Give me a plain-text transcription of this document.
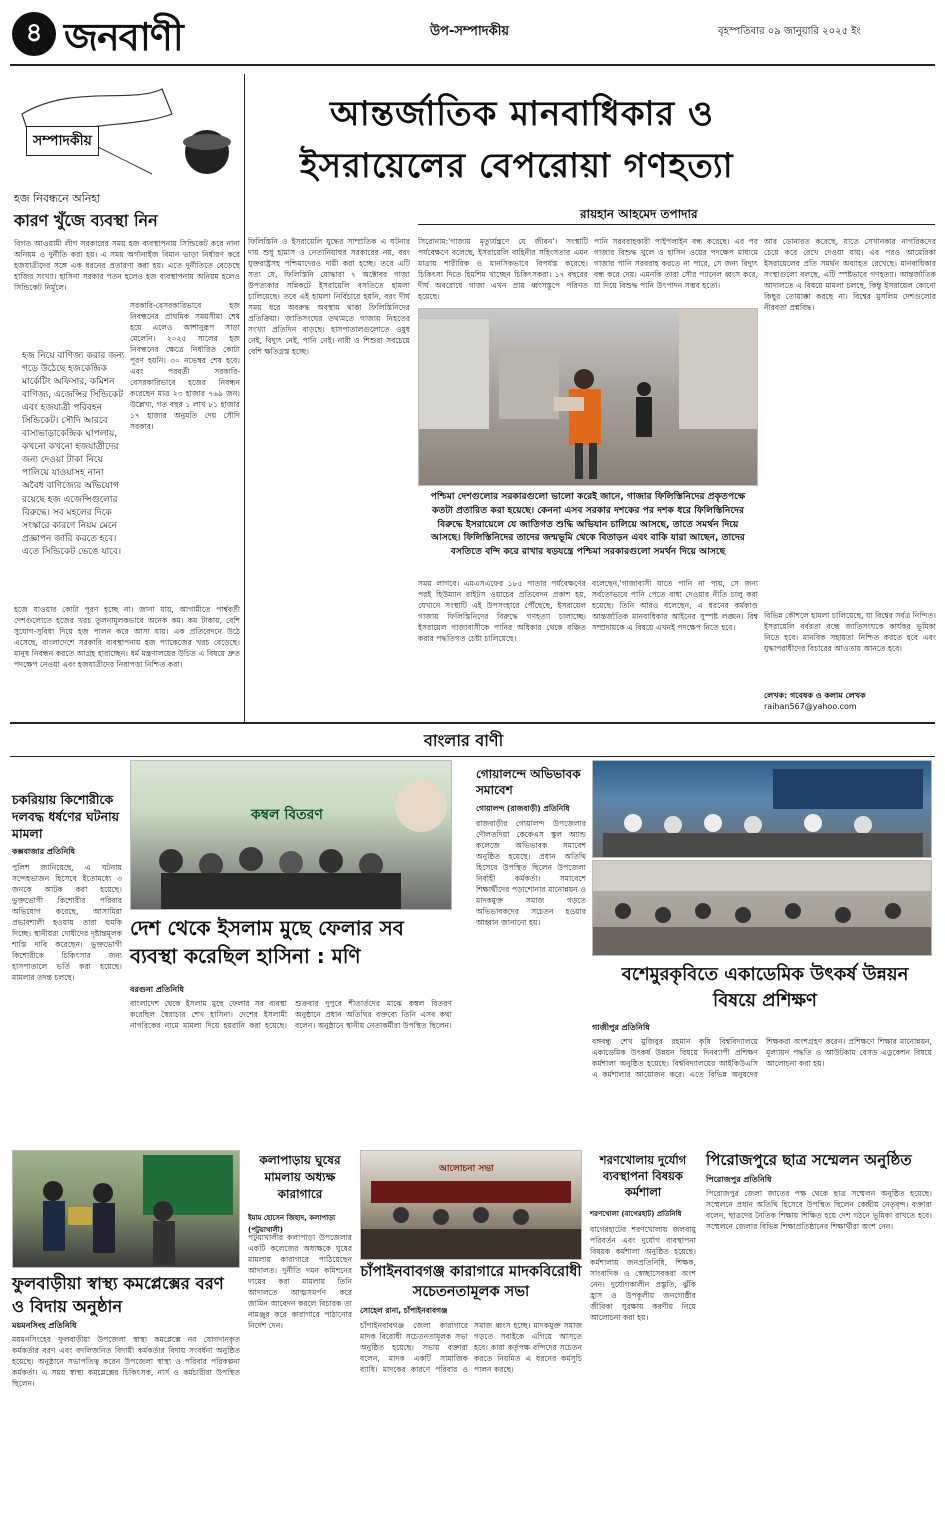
৪ জনবাণী	উপ-সম্পাদকীয়	বৃহস্পতিবার ০৯ জানুয়ারি ২০২৫ ইং
সম্পাদকীয়
হজ নিবন্ধনে অনিহা
কারণ খুঁজে ব্যবস্থা নিন
বিগত আওয়ামী লীগ সরকারের সময় হজ ব্যবস্থাপনায় সিন্ডিকেট করে নানা অনিয়ম ও দুর্নীতি করা হয়। এ সময় অর্গানাইজ বিমান ভাড়া নির্ধারণ করে হজযাত্রীদের সঙ্গে এক ধরনের প্রতারণা করা হয়। এতে দুর্নীতিতে বেড়েছে হাজির সংখ্যা। হাসিনা সরকার পতন হলেও হজ ব্যবস্থাপনায় অনিয়ম হলেও সিন্ডিকেট নির্মূলে।
সরকারি-বেসরকারিভাবে হজ নিবন্ধনের প্রাথমিক সময়সীমা শেষ হয়ে এলেও আশানুরূপ সাড়া মেলেনি। ২০২৫ সালের হজ নিবন্ধনের ক্ষেত্রে নির্ধারিত কোটা পূরণ হয়নি। ৩০ নভেম্বর শেষ হবে। এবং পরবর্তী সরকারি-বেসরকারিভাবে হজের নিবন্ধন করেছেন মাত্র ২৩ হাজার ৭৬৯ জন। উল্লেখ্য, গত বছর ১ লাখ ৮১ হাজার ১৭ হাজার অনুমতি দেয় সৌদি সরকার।
হজ নিয়ে বাণিজ্য করার জন্য গড়ে উঠেছে হজকেন্দ্রিক মার্কেটিং অফিসার, কমিশন বাণিজ্য, এজেন্সির সিন্ডিকেট এবং হজযাত্রী পরিবহন সিন্ডিকেট। সৌদি আরবে বাসাভাড়াকেন্দ্রিক ঘাপলায়, কখনো কখনো হজযাত্রীদের জন্য দেওয়া টাকা নিয়ে পালিয়ে যাওয়াসহ নানা অবৈধ বাণিজ্যের অভিযোগ রয়েছে হজ এজেন্সিগুলোর বিরুদ্ধে। সব মহলের দিকে সংস্কারে কারণে নিয়ম মেনে প্রজ্ঞাপন জারি করতে হবে। এতে সিন্ডিকেট ভেঙে যাবে।
হজে যাওয়ার কোটা পূরণ হচ্ছে না। জানা যায়, আগামীতে পার্শ্ববর্তী দেশগুলোতে হজের খরচ তুলনামূলকভাবে অনেক কম। কম টাকায়, বেশি সুযোগ-সুবিধা দিয়ে হজ পালন করে আসা যায়। এক প্রতিবেদনে উঠে এসেছে, বাংলাদেশে সরকারি ব্যবস্থাপনায় হজ প্যাকেজের খরচ বেড়েছে। মানুষ নিবন্ধন করতে আগ্রহ হারাচ্ছেন। ধর্ম মন্ত্রণালয়ের উচিত এ বিষয়ে দ্রুত পদক্ষেপ নেওয়া এবং হজযাত্রীদের নিরাপত্তা নিশ্চিত করা।
আন্তর্জাতিক মানবাধিকার ও
ইসরায়েলের বেপরোয়া গণহত্যা
রায়হান আহমেদ তপাদার
ফিলিস্তিনি ও ইসরায়েলি যুদ্ধের সাম্প্রতিক এ ঘটনার দায় শুধু হামাস ও নেতানিয়াহুর সরকারের নয়, বরং যুক্তরাষ্ট্রসহ পশ্চিমাদেরও দায়ী করা হচ্ছে। তবে এটি সত্য যে, ফিলিস্তিনি যোদ্ধারা ৭ অক্টোবর গাজা উপত্যকার সন্নিকটে ইসরায়েলি বসতিতে হামলা চালিয়েছে। তবে এই হামলা নির্বিচারে হয়নি, বরং দীর্ঘ সময় ধরে অবরুদ্ধ অবস্থায় থাকা ফিলিস্তিনিদের প্রতিক্রিয়া। জাতিসংঘের তথ্যমতে গাজায় নিহতের সংখ্যা প্রতিদিন বাড়ছে। হাসপাতালগুলোতে ওষুধ নেই, বিদ্যুৎ নেই, পানি নেই। নারী ও শিশুরা সবচেয়ে বেশি ক্ষতিগ্রস্ত হচ্ছে।
সিরোনাম:'গাজায় মৃত্যুর্যন্ত্রণে যে জীবন'। সংস্থাটি পর্যবেক্ষণে বলেছে, ইসরায়েলি বাহিনীর সহিংসতার এমন মাত্রায় শারীরিক ও মানসিকভাবে বিপর্যস্ত করেছে। চিকিৎসা দিতে হিমশিম খাচ্ছেন চিকিৎসকরা। ১৭ বছরের দীর্ঘ অবরোধে গাজা এখন প্রায় ধ্বংসস্তূপে পরিণত হয়েছে।
পানি সরবরাহকারী পাইপলাইন বন্ধ করেছে। এর পর গাজার বিশুদ্ধ খুলে ও হাসিন ওয়ের পদক্ষেপ মাধ্যমে গাজার পানি সরবরাহ করতে না পারে, সে জন্য বিদ্যুৎ বন্ধ করে দেয়। এমনকি তারা সৌর প্যানেল ধ্বংস করে, যা দিয়ে বিশুদ্ধ পানি উৎপাদন সম্ভব হতো।
আর ডোনারত করেছে, যাতে সেখানকার নাগরিকদের চেয়ে করে রেখে দেওয়া যায়। এর পরও আমেরিকা ইসরায়েলের প্রতি সমর্থন অব্যাহত রেখেছে। মানবাধিকার সংস্থাগুলো বলছে, এটি স্পষ্টভাবে গণহত্যা। আন্তর্জাতিক আদালতে এ বিষয়ে মামলা চলছে, কিন্তু ইসরায়েল কোনো কিছুর তোয়াক্কা করছে না। বিশ্বের মুসলিম দেশগুলোর নীরবতা প্রশ্নবিদ্ধ।
পশ্চিমা দেশগুলোর সরকারগুলো ভালো করেই জানে, গাজার ফিলিস্তিনিদের প্রকৃতপক্ষে কতটা প্রতারিত করা হয়েছে। কেননা এসব সরকার দশকের পর দশক ধরে ফিলিস্তিনিদের বিরুদ্ধে ইসরায়েলে যে জাতিগত শুদ্ধি অভিযান চালিয়ে আসছে, তাতে সমর্থন দিয়ে আসছে। ফিলিস্তিনিদের তাদের জন্মভূমি থেকে বিতাড়ন এবং বাকি যারা আছেন, তাদের বসতিতে বন্দি করে রাখার ষড়যন্ত্রে পশ্চিমা সরকারগুলো সমর্থন দিয়ে আসছে
সময় লাগবে। এমএসএফের ১৮৫ পাতার পর্যবেক্ষণের পরই হিউম্যান রাইটস ওয়াচের প্রতিবেদন প্রকাশ হয়, যেখানে সংস্থাটি এই উপসংহারে পৌঁছেছে, ইসরায়েল গাজায় ফিলিস্তিনিদের বিরুদ্ধে গণহত্যা চালাচ্ছে। ইসরায়েল গাজাবাসীকে পানির অধিকার থেকে বঞ্চিত করার পদ্ধতিগত চেষ্টা চালিয়েছে।
বলেছেন,'গাজাবাসী যাতে পানি না পায়, সে জন্য সর্বতোভাবে পানি পেতে বাধা দেওয়ার নীতি চালু করা হয়েছে। তিনি আরও বলেছেন, এ ধরনের কর্মকাণ্ড আন্তর্জাতিক মানবাধিকার আইনের সুস্পষ্ট লঙ্ঘন। বিশ্ব সম্প্রদায়কে এ বিষয়ে এখনই পদক্ষেপ নিতে হবে।
বিভিন্ন কৌশলে হামলা চালিয়েছে, যা বিশ্বের সর্বত্র নিন্দিত। ইসরায়েলি বর্বরতা বন্ধে জাতিসংঘকে কার্যকর ভূমিকা নিতে হবে। মানবিক সহায়তা নিশ্চিত করতে হবে এবং যুদ্ধাপরাধীদের বিচারের আওতায় আনতে হবে।
লেখক: গবেষক ও কলাম লেখক
raihan567@yahoo.com
বাংলার বাণী
চকরিয়ায় কিশোরীকে দলবদ্ধ ধর্ষণের ঘটনায় মামলা
কক্সবাজার প্রতিনিধি
পুলিশ জানিয়েছে, এ ঘটনায় সন্দেহভাজন হিসেবে ইতোমধ্যে ৩ জনকে আটক করা হয়েছে। ভুক্তভোগী কিশোরীর পরিবার অভিযোগ করেছে, আসামিরা প্রভাবশালী হওয়ায় তারা হুমকি দিচ্ছে। স্থানীয়রা দোষীদের দৃষ্টান্তমূলক শাস্তি দাবি করেছেন। ভুক্তভোগী কিশোরীকে চিকিৎসার জন্য হাসপাতালে ভর্তি করা হয়েছে। মামলার তদন্ত চলছে।
কম্বল বিতরণ
দেশ থেকে ইসলাম মুছে ফেলার সব ব্যবস্থা করেছিল হাসিনা : মণি
বরগুনা প্রতিনিধি
বাংলাদেশ থেকে ইসলাম মুছে ফেলার সব ব্যবস্থা করেছিল স্বৈরাচার শেখ হাসিনা। দেশের ইসলামী নাগরিকের নামে মামলা দিয়ে হয়রানি করা হয়েছে। শুক্রবার দুপুরে শীতার্তদের মাঝে কম্বল বিতরণ অনুষ্ঠানে প্রধান অতিথির বক্তব্যে তিনি এসব কথা বলেন। অনুষ্ঠানে স্থানীয় নেতাকর্মীরা উপস্থিত ছিলেন।
গোয়ালন্দে অভিভাবক সমাবেশ
গোয়ালন্দ (রাজবাড়ী) প্রতিনিধি
রাজবাড়ীর গোয়ালন্দ উপজেলার দৌলতদিয়া কেকেএস স্কুল অ্যান্ড কলেজে অভিভাবক সমাবেশ অনুষ্ঠিত হয়েছে। প্রধান অতিথি হিসেবে উপস্থিত ছিলেন উপজেলা নির্বাহী কর্মকর্তা। সমাবেশে শিক্ষার্থীদের পড়াশোনার মানোন্নয়ন ও মাদকমুক্ত সমাজ গড়তে অভিভাবকদের সচেতন হওয়ার আহ্বান জানানো হয়।
বশেমুরকৃবিতে একাডেমিক উৎকর্ষ উন্নয়ন বিষয়ে প্রশিক্ষণ
গাজীপুর প্রতিনিধি
বঙ্গবন্ধু শেখ মুজিবুর রহমান কৃষি বিশ্ববিদ্যালয়ে একাডেমিক উৎকর্ষ উন্নয়ন বিষয়ে দিনব্যাপী প্রশিক্ষণ কর্মশালা অনুষ্ঠিত হয়েছে। বিশ্ববিদ্যালয়ের আইকিউএসি এ কর্মশালার আয়োজন করে। এতে বিভিন্ন অনুষদের শিক্ষকরা অংশগ্রহণ করেন। প্রশিক্ষণে শিক্ষার মানোন্নয়ন, মূল্যায়ন পদ্ধতি ও আউটকাম বেসড এডুকেশন বিষয়ে আলোচনা করা হয়।
ফুলবাড়ীয়া স্বাস্থ্য কমপ্লেক্সের বরণ ও বিদায় অনুষ্ঠান
ময়মনসিংহ প্রতিনিধি
ময়মনসিংহের ফুলবাড়ীয়া উপজেলা স্বাস্থ্য কমপ্লেক্সে নব যোগদানকৃত কর্মকর্তার বরণ এবং বদলিজনিত বিদায়ী কর্মকর্তার বিদায় সংবর্ধনা অনুষ্ঠিত হয়েছে। অনুষ্ঠানে সভাপতিত্ব করেন উপজেলা স্বাস্থ্য ও পরিবার পরিকল্পনা কর্মকর্তা। এ সময় স্বাস্থ্য কমপ্লেক্সের চিকিৎসক, নার্স ও কর্মচারীরা উপস্থিত ছিলেন।
কলাপাড়ায় ঘুষের মামলায় অধ্যক্ষ কারাগারে
ইমাম হোসেন জিহাদ, কলাপাড়া (পটুয়াখালী)
পটুয়াখালীর কলাপাড়া উপজেলার একটি কলেজের অধ্যক্ষকে ঘুষের মামলায় কারাগারে পাঠিয়েছেন আদালত। দুর্নীতি দমন কমিশনের দায়ের করা মামলায় তিনি আদালতে আত্মসমর্পণ করে জামিন আবেদন করলে বিচারক তা নামঞ্জুর করে কারাগারে পাঠানোর নির্দেশ দেন।
আলোচনা সভা
চাঁপাইনবাবগঞ্জ কারাগারে মাদকবিরোধী সচেতনতামূলক সভা
সোহেল রানা, চাঁপাইনবাবগঞ্জ
চাঁপাইনবাবগঞ্জ জেলা কারাগারে মাদক বিরোধী সচেতনতামূলক সভা অনুষ্ঠিত হয়েছে। সভায় বক্তারা বলেন, মাদক একটি সামাজিক ব্যাধি। মাদকের কারণে পরিবার ও সমাজ ধ্বংস হচ্ছে। মাদকমুক্ত সমাজ গড়তে সবাইকে এগিয়ে আসতে হবে। কারা কর্তৃপক্ষ বন্দিদের সচেতন করতে নিয়মিত এ ধরনের কর্মসূচি পালন করছে।
শরণখোলায় দুর্যোগ ব্যবস্থাপনা বিষয়ক কর্মশালা
শরণখোলা (বাগেরহাট) প্রতিনিধি
বাগেরহাটের শরণখোলায় জলবায়ু পরিবর্তন এবং দুর্যোগ ব্যবস্থাপনা বিষয়ক কর্মশালা অনুষ্ঠিত হয়েছে। কর্মশালায় জনপ্রতিনিধি, শিক্ষক, সাংবাদিক ও স্বেচ্ছাসেবকরা অংশ নেন। দুর্যোগকালীন প্রস্তুতি, ঝুঁকি হ্রাস ও উপকূলীয় জনগোষ্ঠীর জীবিকা সুরক্ষায় করণীয় নিয়ে আলোচনা করা হয়।
পিরোজপুরে ছাত্র সম্মেলন অনুষ্ঠিত
পিরোজপুর প্রতিনিধি
পিরোজপুর জেলা জাতের পক্ষ থেকে ছাত্র সম্মেলন অনুষ্ঠিত হয়েছে। সম্মেলনে প্রধান অতিথি হিসেবে উপস্থিত ছিলেন কেন্দ্রীয় নেতৃবৃন্দ। বক্তারা বলেন, ছাত্রদের নৈতিক শিক্ষায় শিক্ষিত হয়ে দেশ গঠনে ভূমিকা রাখতে হবে। সম্মেলনে জেলার বিভিন্ন শিক্ষাপ্রতিষ্ঠানের শিক্ষার্থীরা অংশ নেন।
